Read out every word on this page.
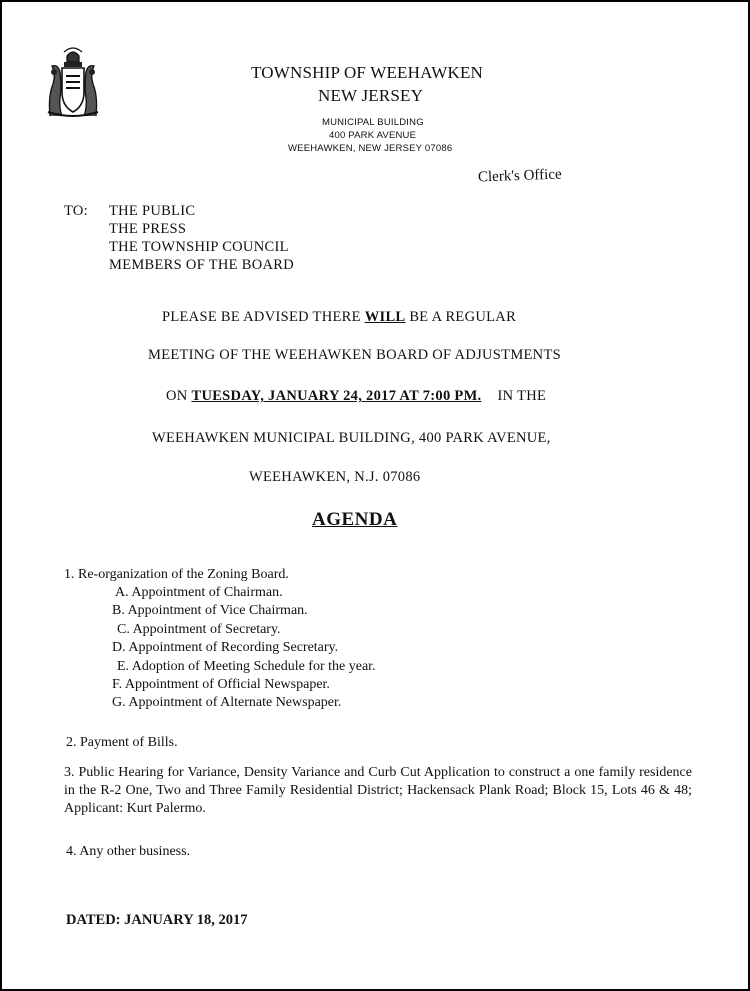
TOWNSHIP OF WEEHAWKEN
NEW JERSEY
MUNICIPAL BUILDING
400 PARK AVENUE
WEEHAWKEN, NEW JERSEY 07086
Clerk's Office
TO: THE PUBLIC
THE PRESS
THE TOWNSHIP COUNCIL
MEMBERS OF THE BOARD
PLEASE BE ADVISED THERE WILL BE A REGULAR
MEETING OF THE WEEHAWKEN BOARD OF ADJUSTMENTS
ON TUESDAY, JANUARY 24, 2017 AT 7:00 PM. IN THE
WEEHAWKEN MUNICIPAL BUILDING, 400 PARK AVENUE,
WEEHAWKEN, N.J. 07086
AGENDA
1. Re-organization of the Zoning Board.
A. Appointment of Chairman.
B. Appointment of Vice Chairman.
C. Appointment of Secretary.
D. Appointment of Recording Secretary.
E. Adoption of Meeting Schedule for the year.
F. Appointment of Official Newspaper.
G. Appointment of Alternate Newspaper.
2. Payment of Bills.
3. Public Hearing for Variance, Density Variance and Curb Cut Application to construct a one family residence in the R-2 One, Two and Three Family Residential District; Hackensack Plank Road; Block 15, Lots 46 & 48; Applicant: Kurt Palermo.
4. Any other business.
DATED: JANUARY 18, 2017
